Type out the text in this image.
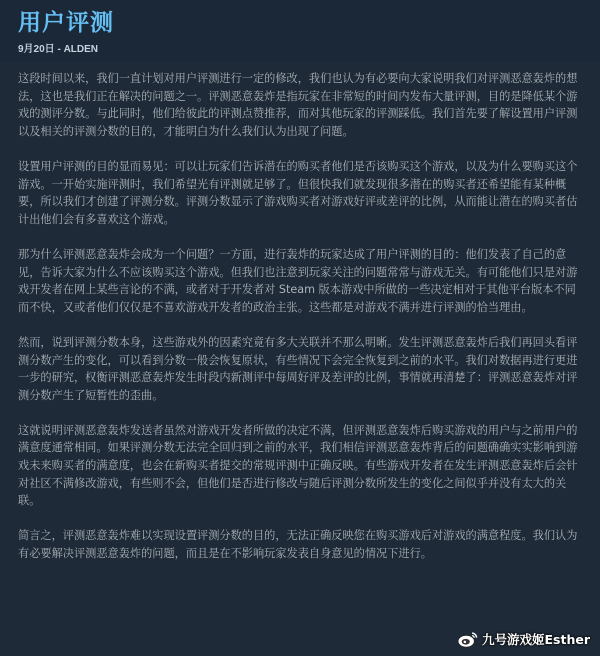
用户评测
9月20日 - ALDEN

这段时间以来，我们一直计划对用户评测进行一定的修改，我们也认为有必要向大家说明我们对评测恶意轰炸的想法，这也是我们正在解决的问题之一。评测恶意轰炸是指玩家在非常短的时间内发布大量评测，目的是降低某个游戏的测评分数。与此同时，他们给彼此的评测点赞推荐，而对其他玩家的评测踩低。我们首先要了解设置用户评测以及相关的评测分数的目的，才能明白为什么我们认为出现了问题。

设置用户评测的目的显而易见：可以让玩家们告诉潜在的购买者他们是否该购买这个游戏，以及为什么要购买这个游戏。一开始实施评测时，我们希望光有评测就足够了。但很快我们就发现很多潜在的购买者还希望能有某种概要，所以我们才创建了评测分数。评测分数显示了游戏购买者对游戏好评或差评的比例，从而能让潜在的购买者估计出他们会有多喜欢这个游戏。

那为什么评测恶意轰炸会成为一个问题？一方面，进行轰炸的玩家达成了用户评测的目的：他们发表了自己的意见，告诉大家为什么不应该购买这个游戏。但我们也注意到玩家关注的问题常常与游戏无关。有可能他们只是对游戏开发者在网上某些言论的不满，或者对于开发者对 Steam 版本游戏中所做的一些决定相对于其他平台版本不同而不快，又或者他们仅仅是不喜欢游戏开发者的政治主张。这些都是对游戏不满并进行评测的恰当理由。

然而，说到评测分数本身，这些游戏外的因素究竟有多大关联并不那么明晰。发生评测恶意轰炸后我们再回头看评测分数产生的变化，可以看到分数一般会恢复原状，有些情况下会完全恢复到之前的水平。我们对数据再进行更进一步的研究，权衡评测恶意轰炸发生时段内新测评中每周好评及差评的比例，事情就再清楚了：评测恶意轰炸对评测分数产生了短暂性的歪曲。

这就说明评测恶意轰炸发送者虽然对游戏开发者所做的决定不满，但评测恶意轰炸后购买游戏的用户与之前用户的满意度通常相同。如果评测分数无法完全回归到之前的水平，我们相信评测恶意轰炸背后的问题确确实实影响到游戏未来购买者的满意度，也会在新购买者提交的常规评测中正确反映。有些游戏开发者在发生评测恶意轰炸后会针对社区不满修改游戏，有些则不会，但他们是否进行修改与随后评测分数所发生的变化之间似乎并没有太大的关联。

简言之，评测恶意轰炸难以实现设置评测分数的目的，无法正确反映您在购买游戏后对游戏的满意程度。我们认为有必要解决评测恶意轰炸的问题，而且是在不影响玩家发表自身意见的情况下进行。

九号游戏姬Esther
